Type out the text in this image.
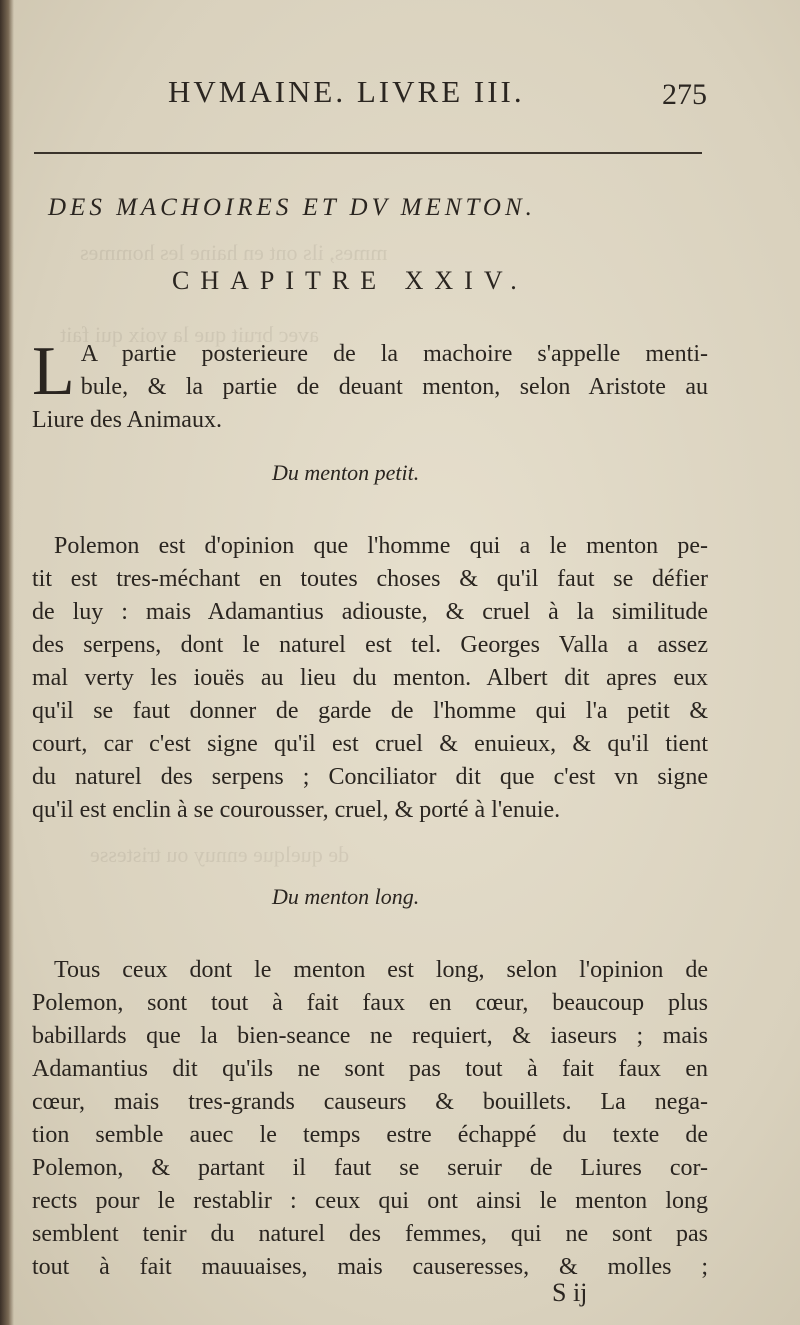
mmes, ils ont en haine les hommes
avec bruit que la voix qui fait
de quelque ennuy ou tristesse
HVMAINE. LIVRE III.	275
DES MACHOIRES ET DV MENTON.
CHAPITRE XXIV.
L A partie posterieure de la machoire s'appelle menti-
bule, & la partie de deuant menton, selon Aristote au
Liure des Animaux.
Du menton petit.
Polemon est d'opinion que l'homme qui a le menton pe-
tit est tres-méchant en toutes choses & qu'il faut se défier
de luy : mais Adamantius adiouste, & cruel à la similitude
des serpens, dont le naturel est tel. Georges Valla a assez
mal verty les iouës au lieu du menton. Albert dit apres eux
qu'il se faut donner de garde de l'homme qui l'a petit &
court, car c'est signe qu'il est cruel & enuieux, & qu'il tient
du naturel des serpens ; Conciliator dit que c'est vn signe
qu'il est enclin à se courousser, cruel, & porté à l'enuie.
Du menton long.
Tous ceux dont le menton est long, selon l'opinion de
Polemon, sont tout à fait faux en cœur, beaucoup plus
babillards que la bien-seance ne requiert, & iaseurs ; mais
Adamantius dit qu'ils ne sont pas tout à fait faux en
cœur, mais tres-grands causeurs & bouillets. La nega-
tion semble auec le temps estre échappé du texte de
Polemon, & partant il faut se seruir de Liures cor-
rects pour le restablir : ceux qui ont ainsi le menton long
semblent tenir du naturel des femmes, qui ne sont pas
tout à fait mauuaises, mais causeresses, & molles ;
S ij
